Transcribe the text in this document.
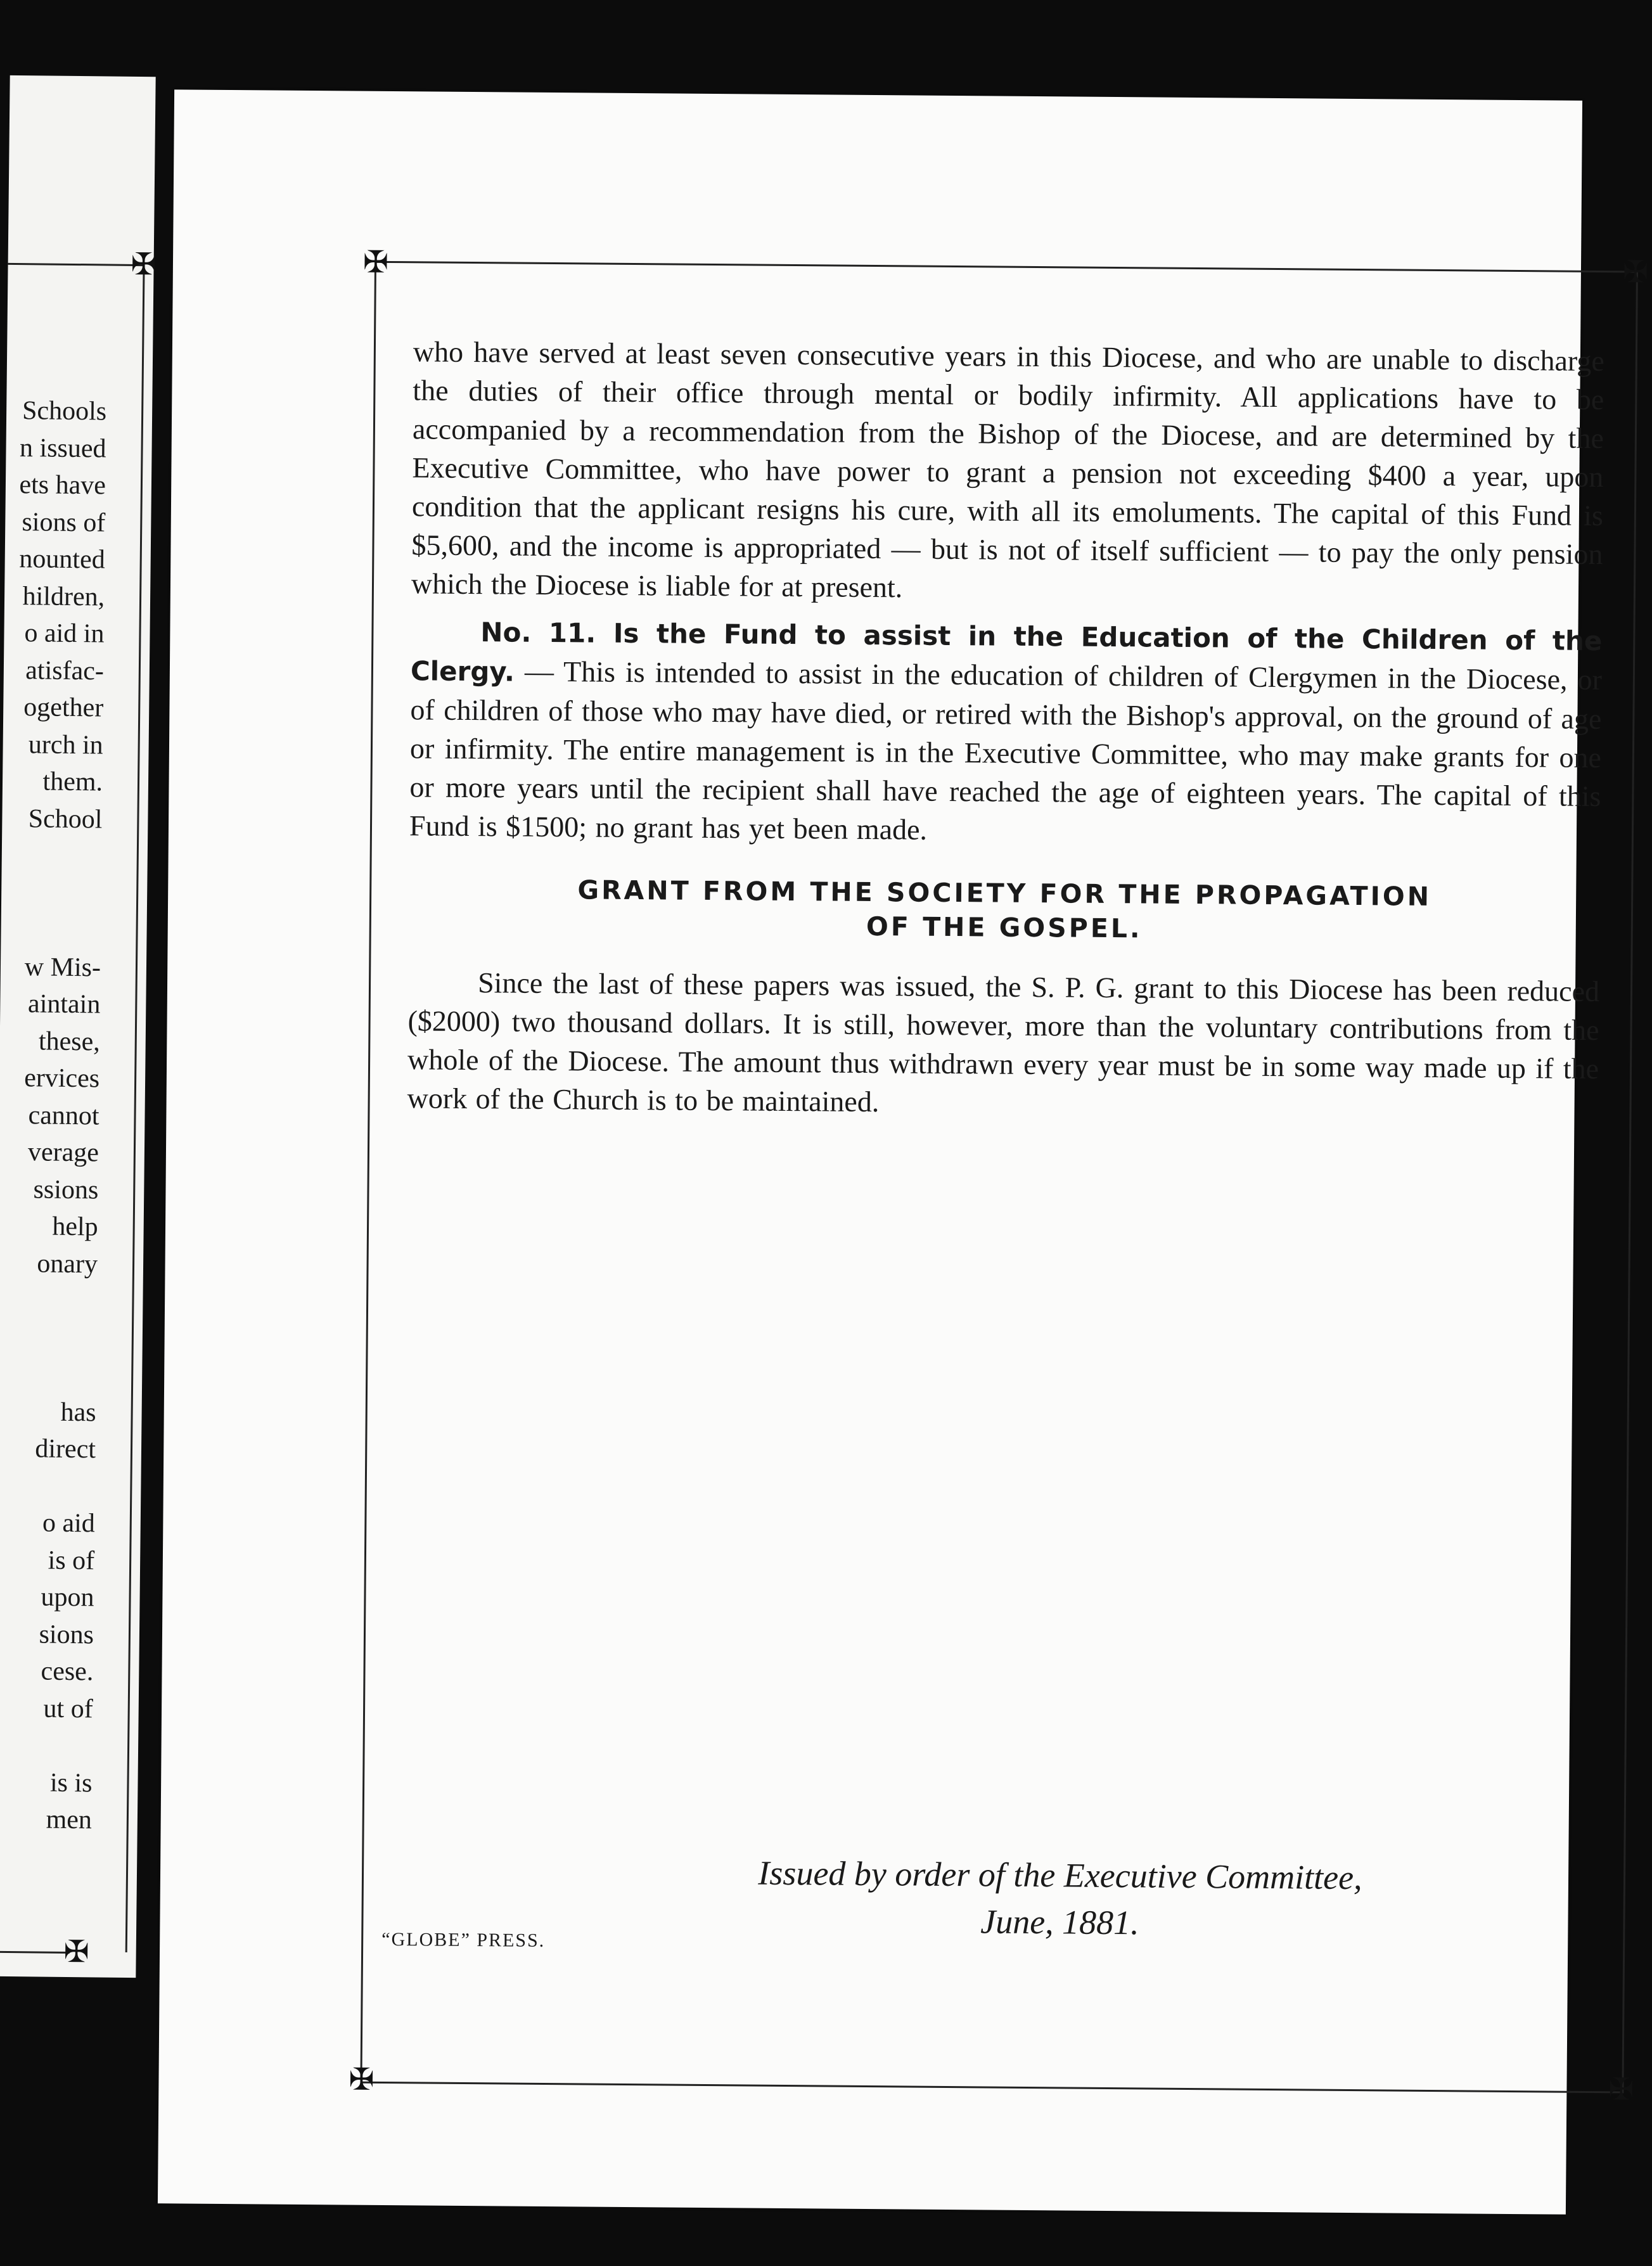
✠
✠
Schools
n issued
ets have
sions of
nounted
hildren,
o aid in
atisfac-
ogether
urch in
them.
School
w Mis-
aintain
these,
ervices
cannot
verage
ssions
help
onary
has
direct
o aid
is of
upon
sions
cese.
ut of
is is
men
✠	✠
✠	✠

who have served at least seven consecutive years in this Diocese, and who are unable to discharge the duties of their office through mental or bodily infirmity. All applications have to be accompanied by a recommendation from the Bishop of the Diocese, and are determined by the Executive Committee, who have power to grant a pension not exceeding $400 a year, upon condition that the applicant resigns his cure, with all its emoluments. The capital of this Fund is $5,600, and the income is appropriated — but is not of itself sufficient — to pay the only pension which the Diocese is liable for at present.

No. 11. Is the Fund to assist in the Education of the Children of the Clergy. — This is intended to assist in the education of children of Clergymen in the Diocese, or of children of those who may have died, or retired with the Bishop's approval, on the ground of age or infirmity. The entire management is in the Executive Committee, who may make grants for one or more years until the recipient shall have reached the age of eighteen years. The capital of this Fund is $1500; no grant has yet been made.

GRANT FROM THE SOCIETY FOR THE PROPAGATION
OF THE GOSPEL.

Since the last of these papers was issued, the S. P. G. grant to this Diocese has been reduced ($2000) two thousand dollars. It is still, however, more than the voluntary contributions from the whole of the Diocese. The amount thus withdrawn every year must be in some way made up if the work of the Church is to be maintained.

Issued by order of the Executive Committee,
June, 1881.
“GLOBE” PRESS.
